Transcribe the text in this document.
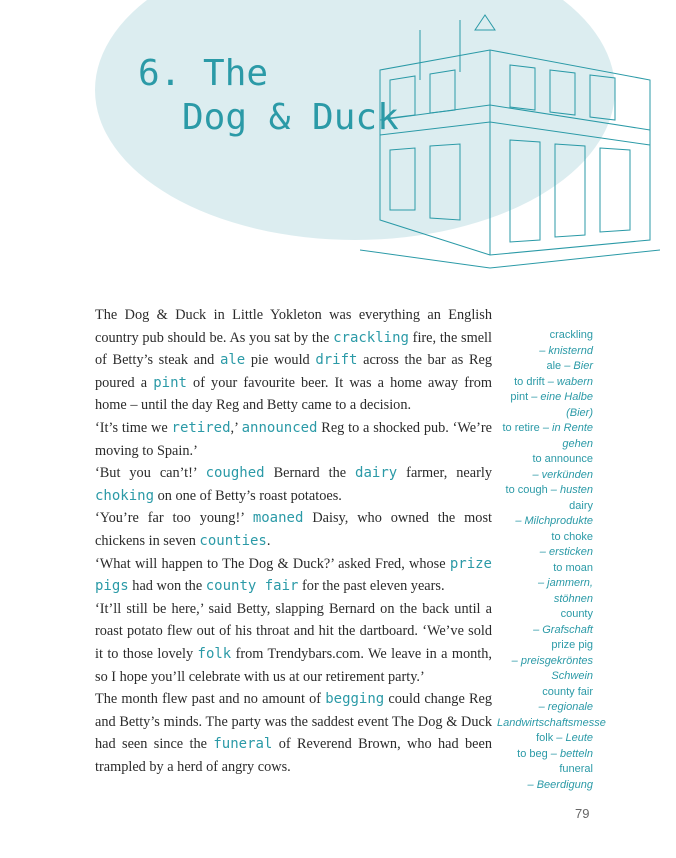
6. The
Dog & Duck

The Dog & Duck in Little Yokleton was everything an English country pub should be. As you sat by the crackling fire, the smell of Betty’s steak and ale pie would drift across the bar as Reg poured a pint of your favourite beer. It was a home away from home – until the day Reg and Betty came to a decision.

‘It’s time we retired,’ announced Reg to a shocked pub. ‘We’re moving to Spain.’

‘But you can’t!’ coughed Bernard the dairy farmer, nearly choking on one of Betty’s roast potatoes.

‘You’re far too young!’ moaned Daisy, who owned the most chickens in seven counties.

‘What will happen to The Dog & Duck?’ asked Fred, whose prize pigs had won the county fair for the past eleven years.

‘It’ll still be here,’ said Betty, slapping Bernard on the back until a roast potato flew out of his throat and hit the dartboard. ‘We’ve sold it to those lovely folk from Trendybars.com. We leave in a month, so I hope you’ll celebrate with us at our retirement party.’

The month flew past and no amount of begging could change Reg and Betty’s minds. The party was the saddest event The Dog & Duck had seen since the funeral of Reverend Brown, who had been trampled by a herd of angry cows.

crackling
– knisternd
ale – Bier
to drift – wabern
pint – eine Halbe (Bier)
to retire – in Rente gehen
to announce
– verkünden
to cough – husten
dairy
– Milchprodukte
to choke
– ersticken
to moan
– jammern, stöhnen
county
– Grafschaft
prize pig
– preisgekröntes Schwein
county fair
– regionale Landwirtschaftsmesse
folk – Leute
to beg – betteln
funeral
– Beerdigung
79
